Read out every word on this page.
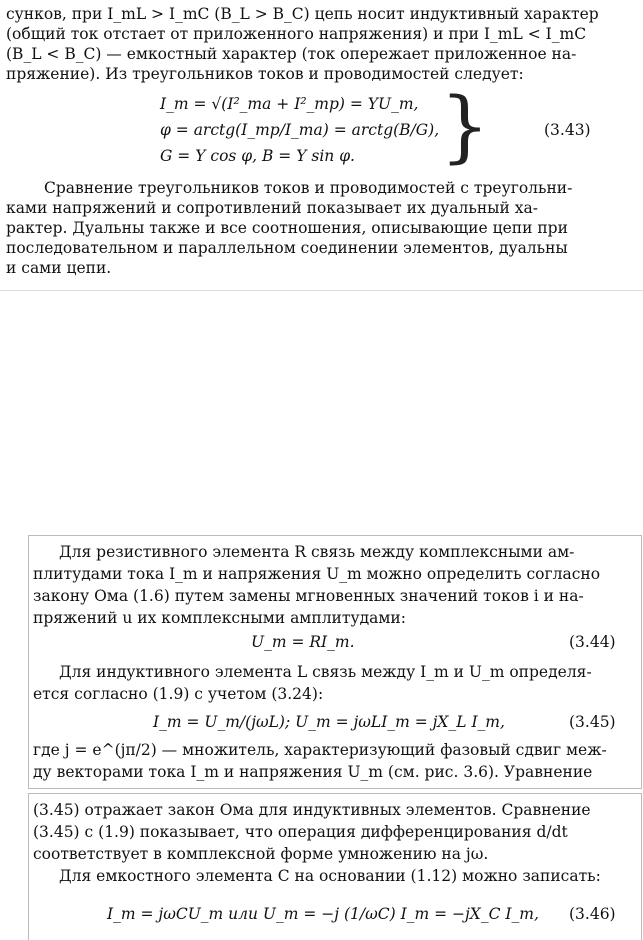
сунков, при I_mL > I_mC (B_L > B_C) цепь носит индуктивный характер
(общий ток отстает от приложенного напряжения) и при I_mL < I_mC
(B_L < B_C) — емкостный характер (ток опережает приложенное на-
пряжение). Из треугольников токов и проводимостей следует:
I_m = √(I²_ma + I²_mp) = YU_m,
φ = arctg(I_mp/I_ma) = arctg(B/G),
G = Y cos φ, B = Y sin φ. }	(3.43)
Сравнение треугольников токов и проводимостей с треугольни-
ками напряжений и сопротивлений показывает их дуальный ха-
рактер. Дуальны также и все соотношения, описывающие цепи при
последовательном и параллельном соединении элементов, дуальны
и сами цепи.
Для резистивного элемента R связь между комплексными ам-
плитудами тока I_m и напряжения U_m можно определить согласно
закону Ома (1.6) путем замены мгновенных значений токов i и на-
пряжений u их комплексными амплитудами:
U_m = RI_m.	(3.44)
Для индуктивного элемента L связь между I_m и U_m определя-
ется согласно (1.9) с учетом (3.24):
I_m = U_m/(jωL); U_m = jωLI_m = jX_L I_m,	(3.45)
где j = e^(jπ/2) — множитель, характеризующий фазовый сдвиг меж-
ду векторами тока I_m и напряжения U_m (см. рис. 3.6). Уравнение
(3.45) отражает закон Ома для индуктивных элементов. Сравнение
(3.45) с (1.9) показывает, что операция дифференцирования d/dt
соответствует в комплексной форме умножению на jω.
Для емкостного элемента C на основании (1.12) можно записать:
I_m = jωCU_m или U_m = −j (1/ωC) I_m = −jX_C I_m, (3.46)
